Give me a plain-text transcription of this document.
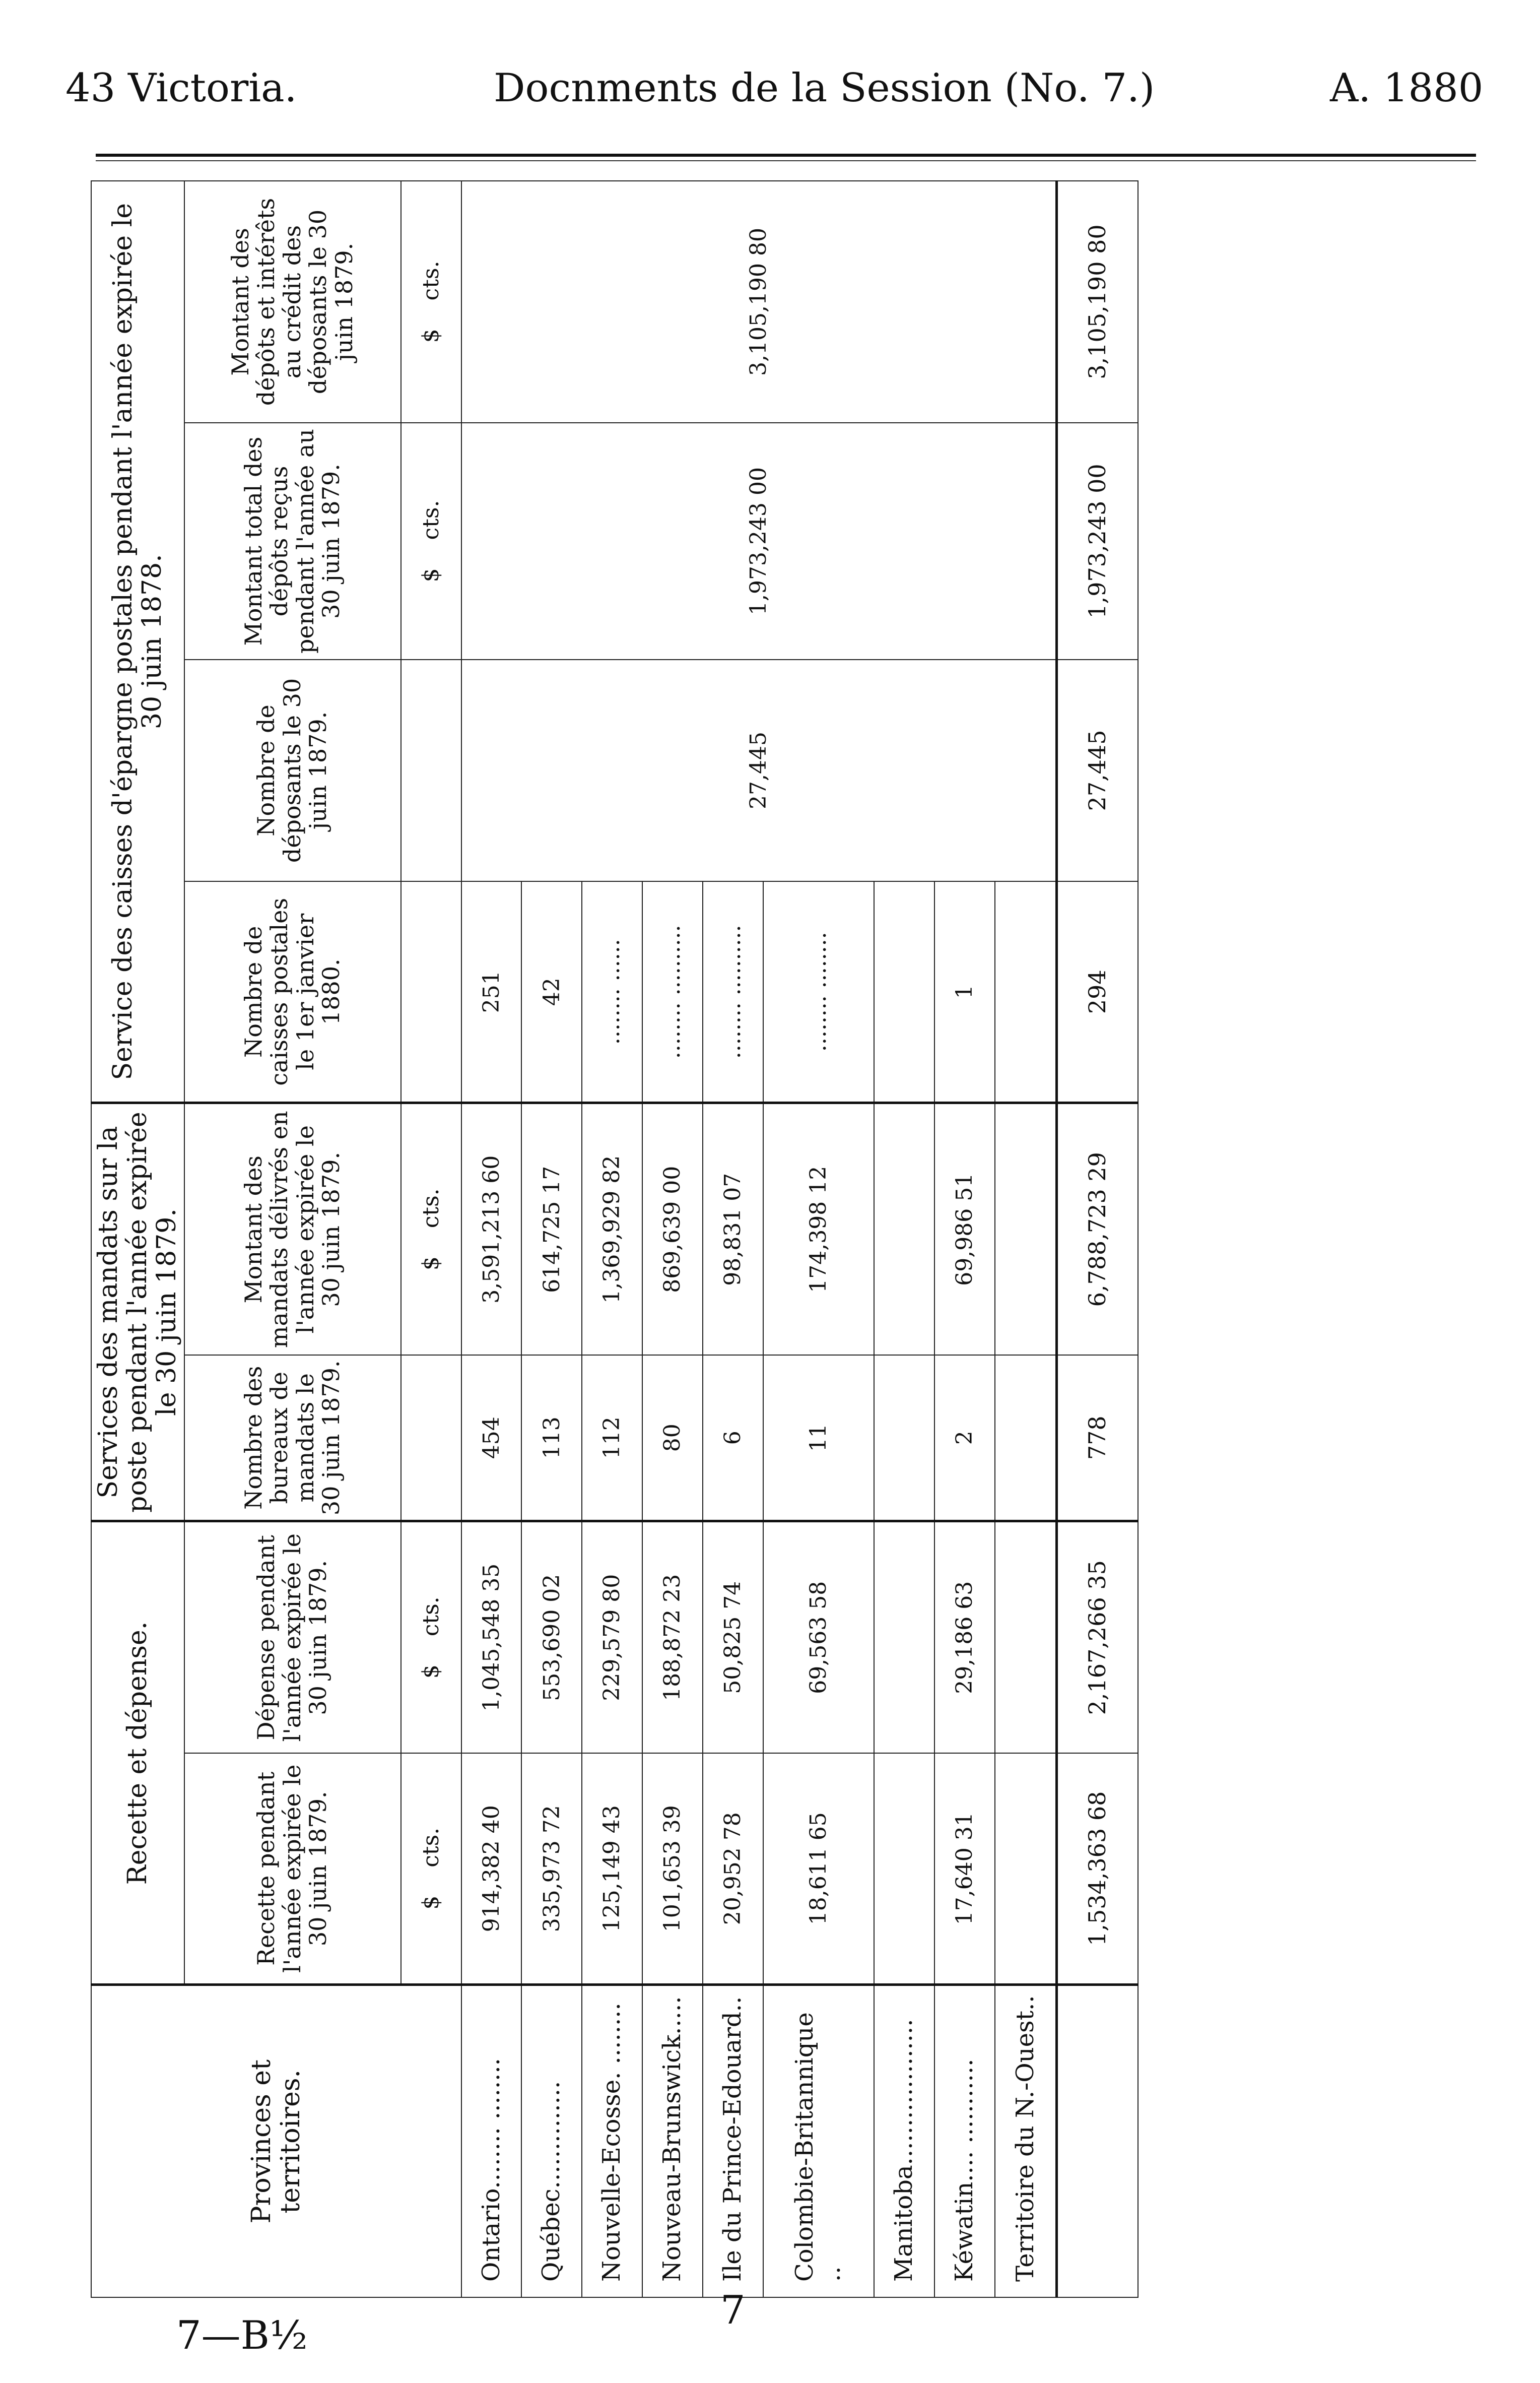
43 Victoria.	Docnments de la Session (No. 7.)	A. 1880
Provinces et territoires.	Recette et dépense.		Services des mandats sur la poste pendant l'année expirée le 30 juin 1879.		Service des caisses d'épargne postales pendant l'année expirée le 30 juin 1878.			
	Recette pendant l'année expirée le 30 juin 1879.	Dépense pendant l'année expirée le 30 juin 1879.	Nombre des bureaux de mandats le 30 juin 1879.	Montant des mandats délivrés en l'année expirée le 30 juin 1879.	Nombre de caisses postales le 1er janvier 1880.	Nombre de déposants le 30 juin 1879.	Montant total des dépôts reçus pendant l'année au 30 juin 1879.	Montant des dépôts et intérêts au crédit des déposants le 30 juin 1879.
	$    cts.	$    cts.		$    cts.			$    cts.	$    cts.
Ontario........ ........	914,382 40	1,045,548 35	454	3,591,213 60	251	27,445	1,973,243 00	3,105,190 80
Québec..............	335,973 72	553,690 02	113	614,725 17	42			
Nouvelle-Ecosse. ........	125,149 43	229,579 80	112	1,369,929 82	........ ......			
Nouveau-Brunswick.....	101,653 39	188,872 23	80	869,639 00	........ ..........			
Ile du Prince-Edouard..	20,952 78	50,825 74	6	98,831 07	........ ..........			
Colombie-Britannique ..	18,611 65	69,563 58	11	174,398 12	........ ........			
Manitoba...................								
Kéwatin.... ...........	17,640 31	29,186 63	2	69,986 51	1			
Territoire du N.-Ouest..								
	1,534,363 68	2,167,266 35	778	6,788,723 29	294	27,445	1,973,243 00	3,105,190 80
7—B½
7
